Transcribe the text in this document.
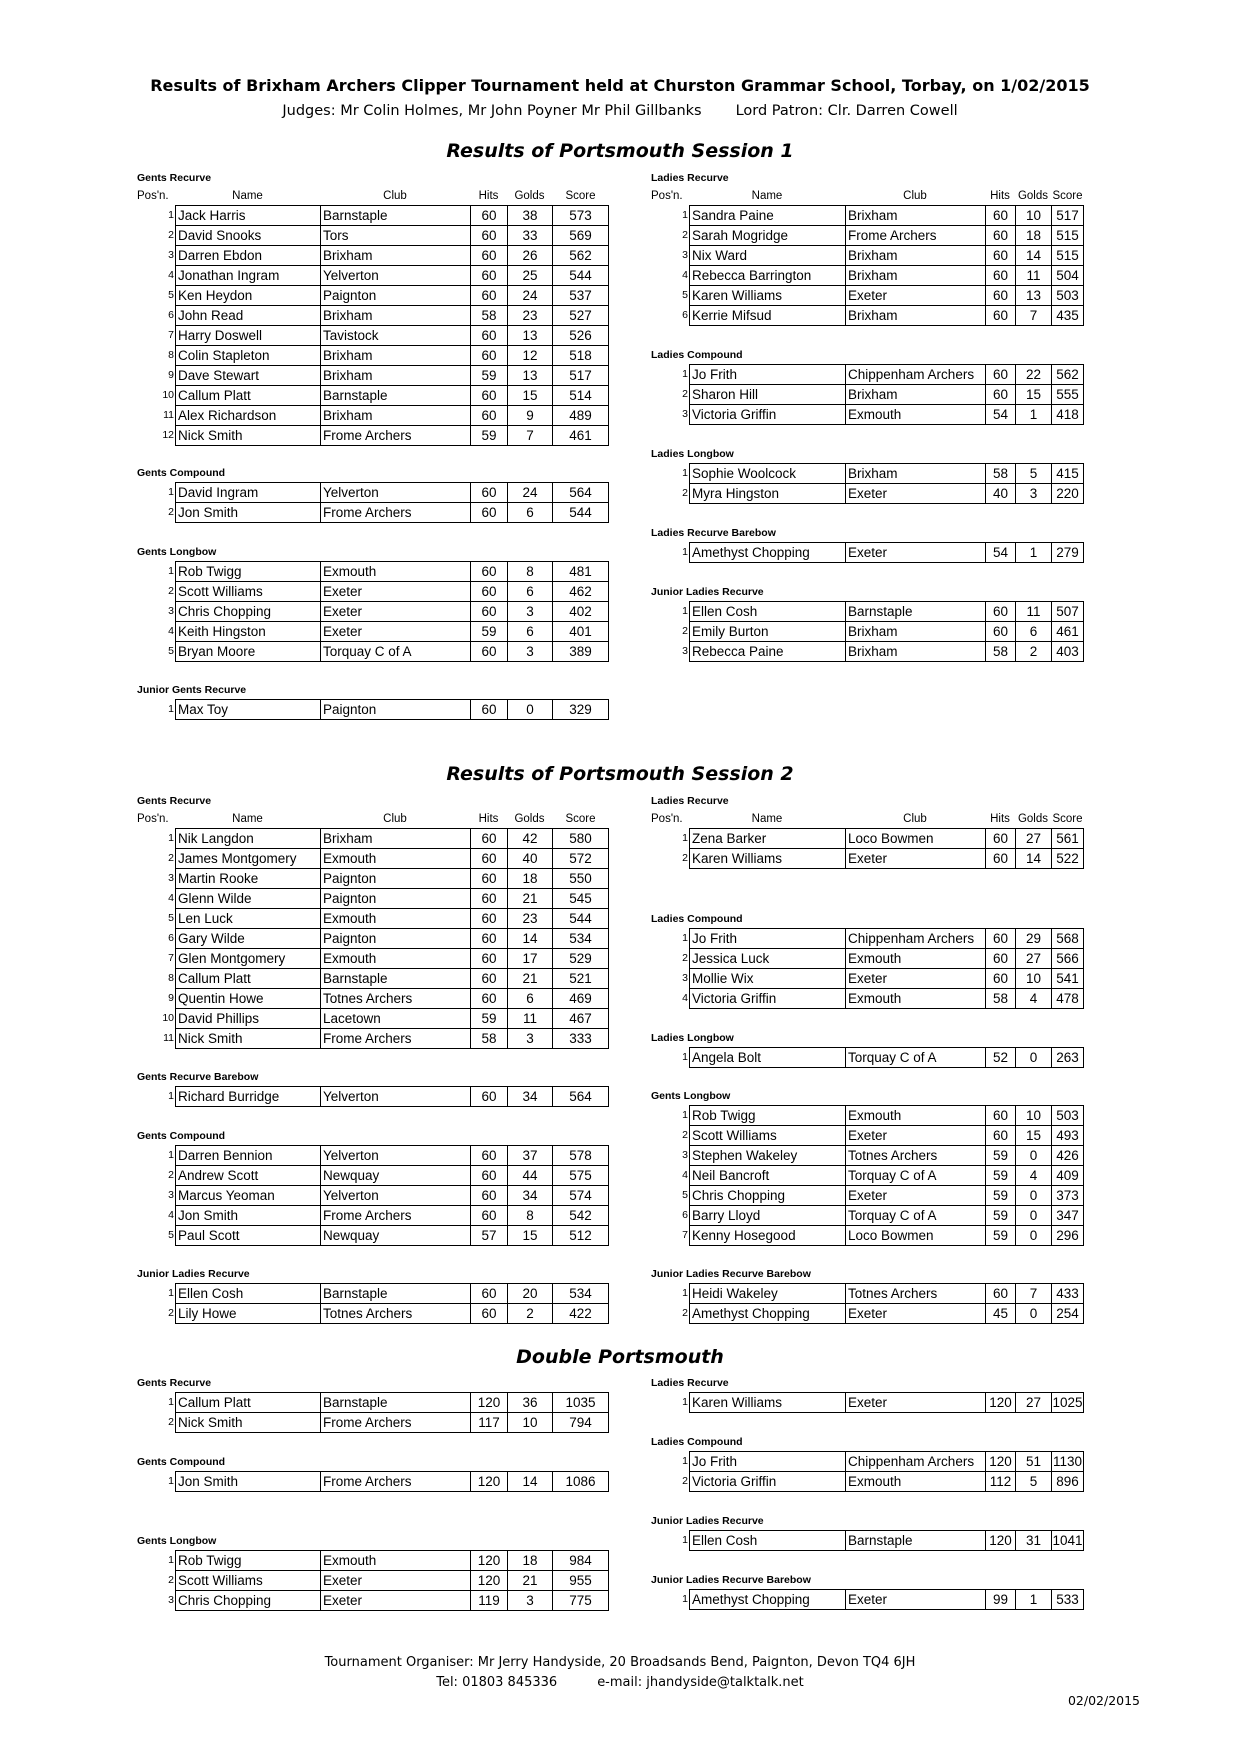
Results of Brixham Archers Clipper Tournament held at Churston Grammar School, Torbay, on 1/02/2015
Judges: Mr Colin Holmes, Mr John Poyner Mr Phil Gillbanks Lord Patron: Clr. Darren Cowell
Results of Portsmouth Session 1
Results of Portsmouth Session 2
Double Portsmouth
Gents Recurve
Pos'n.	Name	Club	Hits	Golds	Score
1 Jack Harris	Barnstaple	60	38	573
2 David Snooks	Tors	60	33	569
3 Darren Ebdon	Brixham	60	26	562
4 Jonathan Ingram	Yelverton	60	25	544
5 Ken Heydon	Paignton	60	24	537
6 John Read	Brixham	58	23	527
7 Harry Doswell	Tavistock	60	13	526
8 Colin Stapleton	Brixham	60	12	518
9 Dave Stewart	Brixham	59	13	517
10 Callum Platt	Barnstaple	60	15	514
11 Alex Richardson	Brixham	60	9	489
12 Nick Smith	Frome Archers	59	7	461
Gents Compound
1 David Ingram	Yelverton	60	24	564
2 Jon Smith	Frome Archers	60	6	544
Gents Longbow
1 Rob Twigg	Exmouth	60	8	481
2 Scott Williams	Exeter	60	6	462
3 Chris Chopping	Exeter	60	3	402
4 Keith Hingston	Exeter	59	6	401
5 Bryan Moore	Torquay C of A	60	3	389
Junior Gents Recurve
1 Max Toy	Paignton	60	0	329
Ladies Recurve
Pos'n.	Name	Club	Hits Golds Score
1 Sandra Paine	Brixham	60	10	517
2 Sarah Mogridge	Frome Archers	60	18	515
3 Nix Ward	Brixham	60	14	515
4 Rebecca Barrington	Brixham	60	11	504
5 Karen Williams	Exeter	60	13	503
6 Kerrie Mifsud	Brixham	60	7	435
Ladies Compound
1 Jo Frith	Chippenham Archers	60	22	562
2 Sharon Hill	Brixham	60	15	555
3 Victoria Griffin	Exmouth	54	1	418
Ladies Longbow
1 Sophie Woolcock	Brixham	58	5	415
2 Myra Hingston	Exeter	40	3	220
Ladies Recurve Barebow
1 Amethyst Chopping	Exeter	54	1	279
Junior Ladies Recurve
1 Ellen Cosh	Barnstaple	60	11	507
2 Emily Burton	Brixham	60	6	461
3 Rebecca Paine	Brixham	58	2	403
Gents Recurve
Pos'n.	Name	Club	Hits	Golds	Score
1 Nik Langdon	Brixham	60	42	580
2 James Montgomery	Exmouth	60	40	572
3 Martin Rooke	Paignton	60	18	550
4 Glenn Wilde	Paignton	60	21	545
5 Len Luck	Exmouth	60	23	544
6 Gary Wilde	Paignton	60	14	534
7 Glen Montgomery	Exmouth	60	17	529
8 Callum Platt	Barnstaple	60	21	521
9 Quentin Howe	Totnes Archers	60	6	469
10 David Phillips	Lacetown	59	11	467
11 Nick Smith	Frome Archers	58	3	333
Gents Recurve Barebow
1 Richard Burridge	Yelverton	60	34	564
Gents Compound
1 Darren Bennion	Yelverton	60	37	578
2 Andrew Scott	Newquay	60	44	575
3 Marcus Yeoman	Yelverton	60	34	574
4 Jon Smith	Frome Archers	60	8	542
5 Paul Scott	Newquay	57	15	512
Junior Ladies Recurve
1 Ellen Cosh	Barnstaple	60	20	534
2 Lily Howe	Totnes Archers	60	2	422
Ladies Recurve
Pos'n.	Name	Club	Hits Golds Score
1 Zena Barker	Loco Bowmen	60	27	561
2 Karen Williams	Exeter	60	14	522
Ladies Compound
1 Jo Frith	Chippenham Archers	60	29	568
2 Jessica Luck	Exmouth	60	27	566
3 Mollie Wix	Exeter	60	10	541
4 Victoria Griffin	Exmouth	58	4	478
Ladies Longbow
1 Angela Bolt	Torquay C of A	52	0	263
Gents Longbow
1 Rob Twigg	Exmouth	60	10	503
2 Scott Williams	Exeter	60	15	493
3 Stephen Wakeley	Totnes Archers	59	0	426
4 Neil Bancroft	Torquay C of A	59	4	409
5 Chris Chopping	Exeter	59	0	373
6 Barry Lloyd	Torquay C of A	59	0	347
7 Kenny Hosegood	Loco Bowmen	59	0	296
Junior Ladies Recurve Barebow
1 Heidi Wakeley	Totnes Archers	60	7	433
2 Amethyst Chopping	Exeter	45	0	254
Gents Recurve
1 Callum Platt	Barnstaple	120	36	1035
2 Nick Smith	Frome Archers	117	10	794
Gents Compound
1 Jon Smith	Frome Archers	120	14	1086
Gents Longbow
1 Rob Twigg	Exmouth	120	18	984
2 Scott Williams	Exeter	120	21	955
3 Chris Chopping	Exeter	119	3	775
Ladies Recurve
1 Karen Williams	Exeter	120	27 1025
Ladies Compound
1 Jo Frith	Chippenham Archers	120	51 1130
2 Victoria Griffin	Exmouth	112	5	896
Junior Ladies Recurve
1 Ellen Cosh	Barnstaple	120	31 1041
Junior Ladies Recurve Barebow
1 Amethyst Chopping	Exeter	99	1	533
Tournament Organiser: Mr Jerry Handyside, 20 Broadsands Bend, Paignton, Devon TQ4 6JH
Tel: 01803 845336	e-mail: jhandyside@talktalk.net
02/02/2015
